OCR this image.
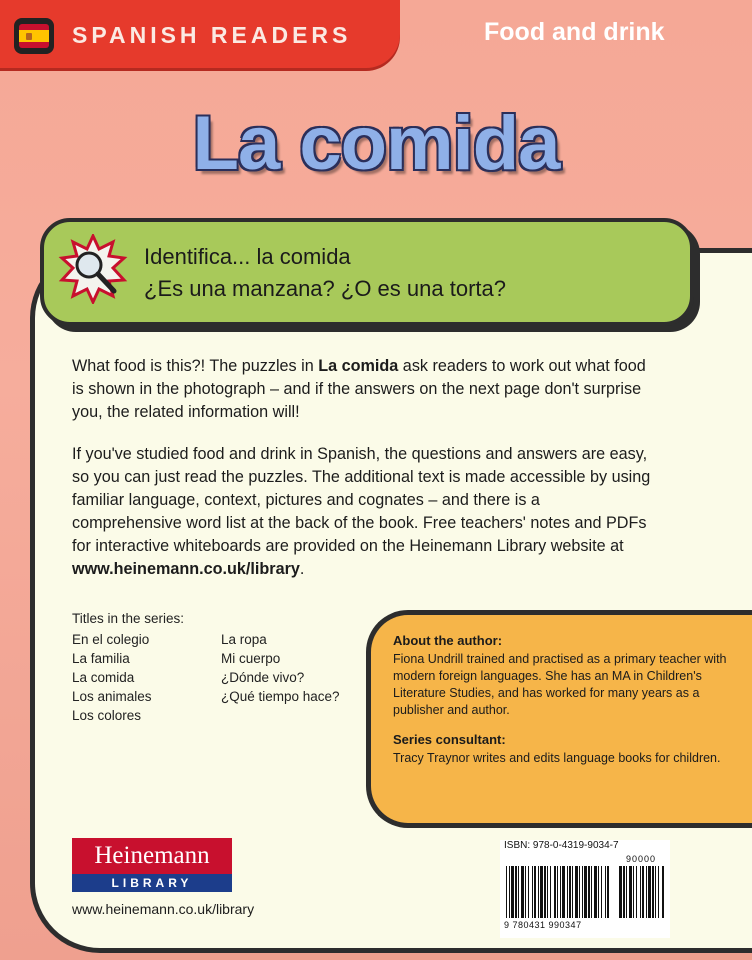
SPANISH READERS	Food and drink
La comida
Identifica... la comida
¿Es una manzana? ¿O es una torta?
What food is this?! The puzzles in La comida ask readers to work out what food is shown in the photograph – and if the answers on the next page don't surprise you, the related information will!
If you've studied food and drink in Spanish, the questions and answers are easy, so you can just read the puzzles. The additional text is made accessible by using familiar language, context, pictures and cognates – and there is a comprehensive word list at the back of the book. Free teachers' notes and PDFs for interactive whiteboards are provided on the Heinemann Library website at www.heinemann.co.uk/library.
Titles in the series:
En el colegio
La familia
La comida
Los animales
Los colores
La ropa
Mi cuerpo
¿Dónde vivo?
¿Qué tiempo hace?
About the author:
Fiona Undrill trained and practised as a primary teacher with modern foreign languages. She has an MA in Children's Literature Studies, and has worked for many years as a publisher and author.
Series consultant:
Tracy Traynor writes and edits language books for children.
Heinemann
LIBRARY
www.heinemann.co.uk/library
ISBN: 978-0-4319-9034-7
90000
9 780431 990347
